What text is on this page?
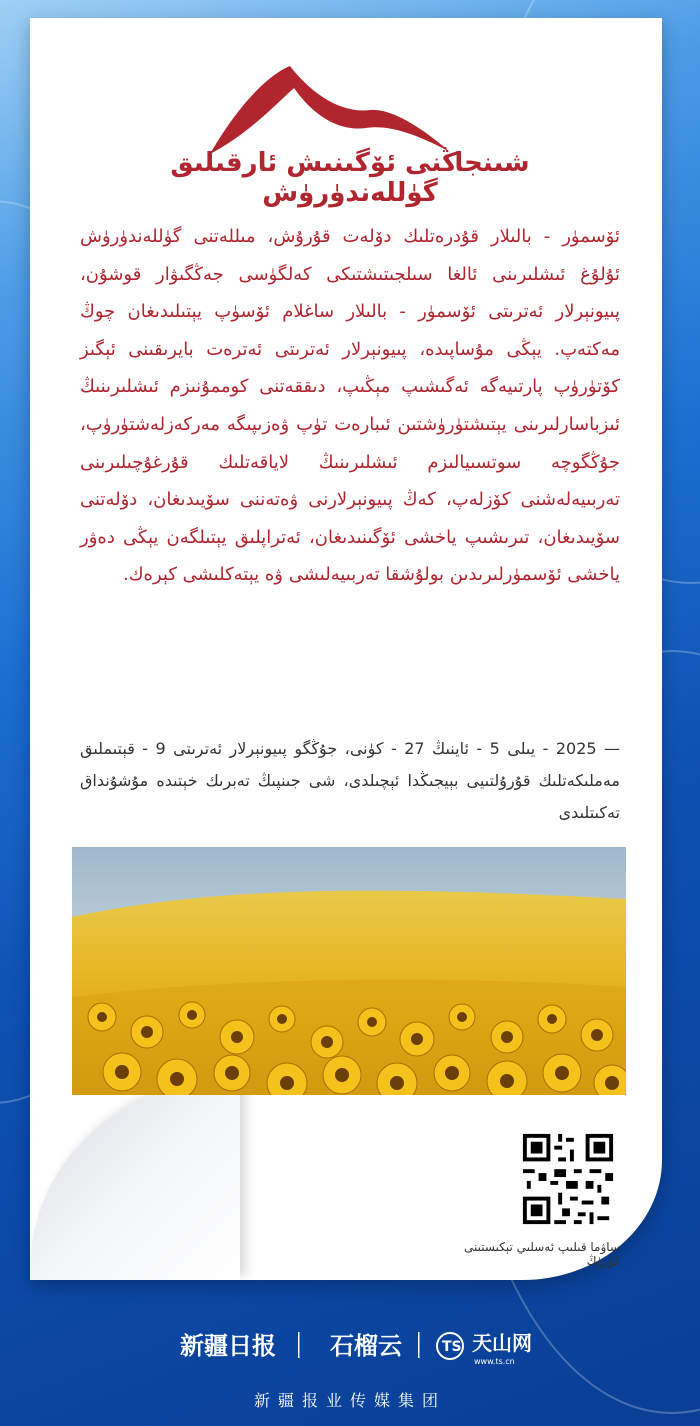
شىنجاڭنى ئۆگىنىش ئارقىلىق گۈللەندۈرۈش
ئۆسمۈر - بالىلار قۇدرەتلىك دۆلەت قۇرۇش، مىللەتنى گۈللەندۈرۈش ئۇلۇغ ئىشلىرىنى ئالغا سىلجىتىشتىكى كەلگۈسى جەڭگىۋار قوشۇن، پىيونېرلار ئەترىتى ئۆسمۈر - بالىلار ساغلام ئۆسۈپ يېتىلىدىغان چوڭ مەكتەپ. يېڭى مۇساپىدە، پىيونېرلار ئەترىتى ئەترەت بايرىقىنى ئېگىز كۆتۈرۈپ پارتىيەگە ئەگىشىپ مېڭىپ، دىققەتنى كوممۇنىزم ئىشلىرىنىڭ ئىزباسارلىرىنى يېتىشتۈرۈشتىن ئىبارەت تۈپ ۋەزىپىگە مەركەزلەشتۈرۈپ، جۇڭگوچە سوتسىيالىزم ئىشلىرىنىڭ لاياقەتلىك قۇرغۇچىلىرىنى تەربىيەلەشنى كۆزلەپ، كەڭ پىيونېرلارنى ۋەتەننى سۆيىدىغان، دۆلەتنى سۆيىدىغان، تىرىشىپ ياخشى ئۆگىنىدىغان، ئەتراپلىق يېتىلگەن يېڭى دەۋر ياخشى ئۆسمۈرلىرىدىن بولۇشقا تەربىيەلىشى ۋە يېتەكلىشى كېرەك.
— 2025 - يىلى 5 - ئاينىڭ 27 - كۈنى، جۇڭگو پىيونېرلار ئەترىتى 9 - قېتىملىق مەملىكەتلىك قۇرۇلتىيى بېيجىڭدا ئېچىلدى، شى جىنپىڭ تەبرىك خېتىدە مۇشۇنداق تەكىتلىدى
ساۋما قىلىپ ئەسلىي تېكىستىنى كۆرۈڭ
新疆日报 石榴云	TS 天山网
www.ts.cn
新疆报业传媒集团
